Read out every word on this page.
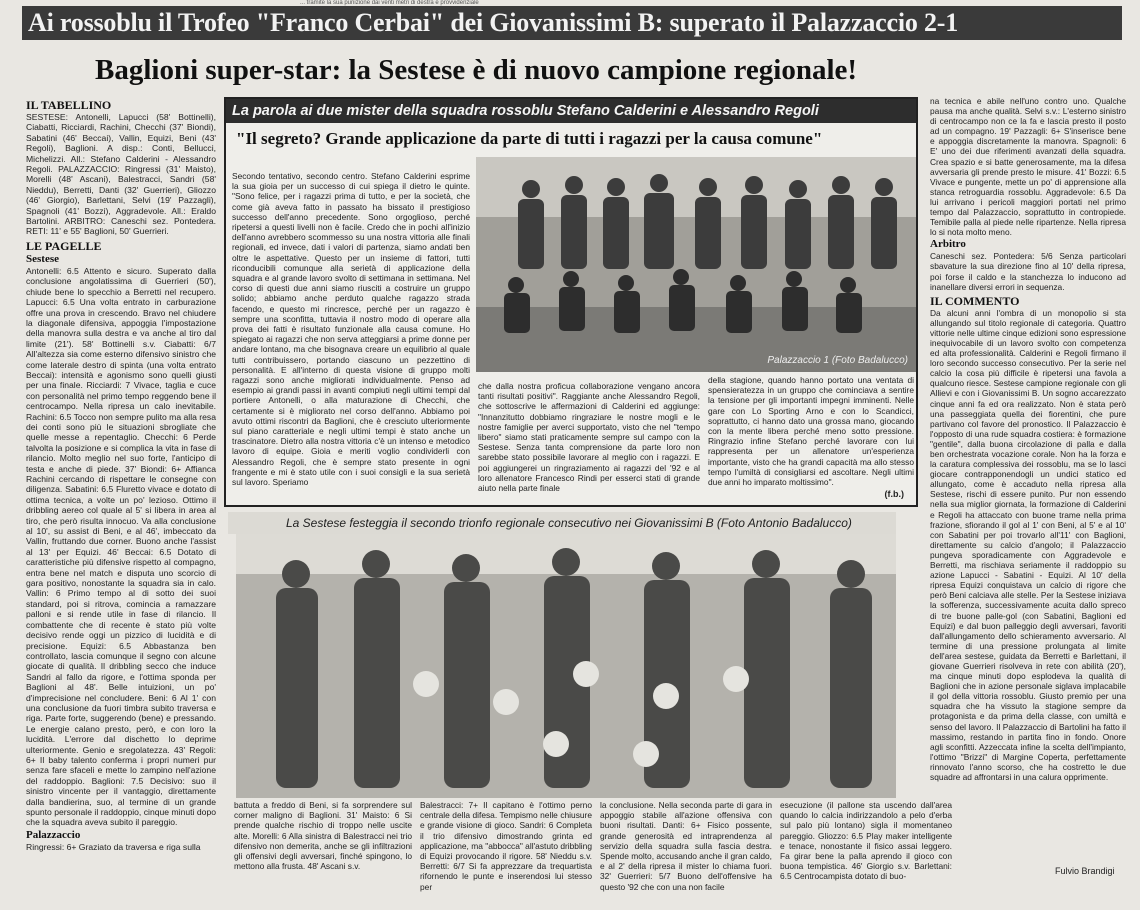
... tramite la sua punizione dai venti metri di destra e provvidenziale
Ai rossoblu il Trofeo "Franco Cerbai" dei Giovanissimi B: superato il Palazzaccio 2-1
Baglioni super-star: la Sestese è di nuovo campione regionale!
IL TABELLINO

SESTESE: Antonelli, Lapucci (58' Bottinelli), Ciabatti, Ricciardi, Rachini, Checchi (37' Biondi), Sabatini (46' Beccai), Vallin, Equizi, Beni (43' Regoli), Baglioni. A disp.: Conti, Bellucci, Michelizzi. All.: Stefano Calderini - Alessandro Regoli. PALAZZACCIO: Ringressi (31' Maisto), Morelli (48' Ascani), Balestracci, Sandri (58' Nieddu), Berretti, Danti (32' Guerrieri), Gliozzo (46' Giorgio), Barlettani, Selvi (19' Pazzagli), Spagnoli (41' Bozzi), Aggradevole. All.: Eraldo Bartolini. ARBITRO: Caneschi sez. Pontedera. RETI: 11' e 55' Baglioni, 50' Guerrieri.

LE PAGELLE
Sestese

Antonelli: 6.5 Attento e sicuro. Superato dalla conclusione angolatissima di Guerrieri (50'), chiude bene lo specchio a Berretti nel recupero. Lapucci: 6.5 Una volta entrato in carburazione offre una prova in crescendo. Bravo nel chiudere la diagonale difensiva, appoggia l'impostazione della manovra sulla destra e va anche al tiro dal limite (21'). 58' Bottinelli s.v. Ciabatti: 6/7 All'altezza sia come esterno difensivo sinistro che come laterale destro di spinta (una volta entrato Beccai): intensità e agonismo sono quelli giusti per una finale. Ricciardi: 7 Vivace, taglia e cuce con personalità nel primo tempo reggendo bene il centrocampo. Nella ripresa un calo inevitabile. Rachini: 6.5 Tocco non sempre pulito ma alla resa dei conti sono più le situazioni sbrogliate che quelle messe a repentaglio. Checchi: 6 Perde talvolta la posizione e si complica la vita in fase di rilancio. Molto meglio nel suo forte, l'anticipo di testa e anche di piede. 37' Biondi: 6+ Affianca Rachini cercando di rispettare le consegne con diligenza. Sabatini: 6.5 Fluretto vivace e dotato di ottima tecnica, a volte un po' lezioso. Ottimo il dribbling aereo col quale al 5' si libera in area al tiro, che però risulta innocuo. Va alla conclusione al 10', su assist di Beni, e al 46', imbeccato da Vallin, fruttando due corner. Buono anche l'assist al 13' per Equizi. 46' Beccai: 6.5 Dotato di caratteristiche più difensive rispetto al compagno, entra bene nel match e disputa uno scorcio di gara positivo, nonostante la squadra sia in calo. Vallin: 6 Primo tempo al di sotto dei suoi standard, poi si ritrova, comincia a ramazzare palloni e si rende utile in fase di rilancio. Il combattente che di recente è stato più volte decisivo rende oggi un pizzico di lucidità e di precisione. Equizi: 6.5 Abbastanza ben controllato, lascia comunque il segno con alcune giocate di qualità. Il dribbling secco che induce Sandri al fallo da rigore, e l'ottima sponda per Baglioni al 48'. Belle intuizioni, un po' d'imprecisione nel concludere. Beni: 6 Al 1' con una conclusione da fuori timbra subito traversa e riga. Parte forte, suggerendo (bene) e pressando. Le energie calano presto, però, e con loro la lucidità. L'errore dal dischetto lo deprime ulteriormente. Genio e sregolatezza. 43' Regoli: 6+ Il baby talento conferma i propri numeri pur senza fare sfaceli e mette lo zampino nell'azione del raddoppio. Baglioni: 7.5 Decisivo: suo il sinistro vincente per il vantaggio, direttamente dalla bandierina, suo, al termine di un grande spunto personale il raddoppio, cinque minuti dopo che la squadra aveva subito il pareggio.

Palazzaccio

Ringressi: 6+ Graziato da traversa e riga sulla

La parola ai due mister della squadra rossoblu Stefano Calderini e Alessandro Regoli
"Il segreto? Grande applicazione da parte di tutti i ragazzi per la causa comune"

Secondo tentativo, secondo centro. Stefano Calderini esprime la sua gioia per un successo di cui spiega il dietro le quinte. "Sono felice, per i ragazzi prima di tutto, e per la società, che come già aveva fatto in passato ha bissato il prestigioso successo dell'anno precedente. Sono orgoglioso, perché ripetersi a questi livelli non è facile. Credo che in pochi all'inizio dell'anno avrebbero scommesso su una nostra vittoria alle finali regionali, ed invece, dati i valori di partenza, siamo andati ben oltre le aspettative. Questo per un insieme di fattori, tutti riconducibili comunque alla serietà di applicazione della squadra e al grande lavoro svolto di settimana in settimana. Nel corso di questi due anni siamo riusciti a costruire un gruppo solido; abbiamo anche perduto qualche ragazzo strada facendo, e questo mi rincresce, perché per un ragazzo è sempre una sconfitta, tuttavia il nostro modo di operare alla prova dei fatti è risultato funzionale alla causa comune. Ho spiegato ai ragazzi che non serva atteggiarsi a prime donne per andare lontano, ma che bisognava creare un equilibrio al quale tutti contribuissero, portando ciascuno un pezzettino di personalità. E all'interno di questa visione di gruppo molti ragazzi sono anche migliorati individualmente. Penso ad esempio ai grandi passi in avanti compiuti negli ultimi tempi dal portiere Antonelli, o alla maturazione di Checchi, che certamente si è migliorato nel corso dell'anno. Abbiamo poi avuto ottimi riscontri da Baglioni, che è cresciuto ulteriormente sul piano caratteriale e negli ultimi tempi è stato anche un trascinatore. Dietro alla nostra vittoria c'è un intenso e metodico lavoro di equipe. Gioia e meriti voglio condividerli con Alessandro Regoli, che è sempre stato presente in ogni frangente e mi è stato utile con i suoi consigli e la sua serietà sul lavoro. Speriamo

Palazzaccio 1 (Foto Badalucco)

che dalla nostra proficua collaborazione vengano ancora tanti risultati positivi". Raggiante anche Alessandro Regoli, che sottoscrive le affermazioni di Calderini ed aggiunge: "Innanzitutto dobbiamo ringraziare le nostre mogli e le nostre famiglie per averci supportato, visto che nel "tempo libero" siamo stati praticamente sempre sul campo con la Sestese. Senza tanta comprensione da parte loro non sarebbe stato possibile lavorare al meglio con i ragazzi. E poi aggiungerei un ringraziamento ai ragazzi del '92 e al loro allenatore Francesco Rindi per esserci stati di grande aiuto nella parte finale

della stagione, quando hanno portato una ventata di spensieratezza in un gruppo che cominciava a sentire la tensione per gli importanti impegni imminenti. Nelle gare con Lo Sporting Arno e con lo Scandicci, soprattutto, ci hanno dato una grossa mano, giocando con la mente libera perché meno sotto pressione. Ringrazio infine Stefano perché lavorare con lui rappresenta per un allenatore un'esperienza importante, visto che ha grandi capacità ma allo stesso tempo l'umiltà di consigliarsi ed ascoltare. Negli ultimi due anni ho imparato moltissimo".

(f.b.)
La Sestese festeggia il secondo trionfo regionale consecutivo nei Giovanissimi B (Foto Antonio Badalucco)

battuta a freddo di Beni, si fa sorprendere sul corner maligno di Baglioni. 31' Maisto: 6 Si prende qualche rischio di troppo nelle uscite alte. Morelli: 6 Alla sinistra di Balestracci nei trio difensivo non demerita, anche se gli infiltrazioni gli offensivi degli avversari, finché spingono, lo mettono alla frusta. 48' Ascani s.v.

Balestracci: 7+ Il capitano è l'ottimo perno centrale della difesa. Tempismo nelle chiusure e grande visione di gioco. Sandri: 6 Completa il trio difensivo dimostrando grinta ed applicazione, ma "abbocca" all'astuto dribbling di Equizi provocando il rigore. 58' Nieddu s.v. Berretti: 6/7 Si fa apprezzare da trequartista rifornendo le punte e inserendosi lui stesso per

la conclusione. Nella seconda parte di gara in appoggio stabile all'azione offensiva con buoni risultati. Danti: 6+ Fisico possente, grande generosità ed intraprendenza al servizio della squadra sulla fascia destra. Spende molto, accusando anche il gran caldo, e al 2' della ripresa il mister lo chiama fuori. 32' Guerrieri: 5/7 Buono dell'offensive ha questo '92 che con una non facile

esecuzione (il pallone sta uscendo dall'area quando lo calcia indirizzandolo a pelo d'erba sul palo più lontano) sigla il momentaneo pareggio. Gliozzo: 6.5 Play maker intelligente e tenace, nonostante il fisico assai leggero. Fa girar bene la palla aprendo il gioco con buona tempistica. 46' Giorgio s.v. Barlettani: 6.5 Centrocampista dotato di buo-

na tecnica e abile nell'uno contro uno. Qualche pausa ma anche qualità. Selvi s.v.: L'esterno sinistro di centrocampo non ce la fa e lascia presto il posto ad un compagno. 19' Pazzagli: 6+ S'inserisce bene e appoggia discretamente la manovra. Spagnoli: 6 E' uno dei due riferimenti avanzati della squadra. Crea spazio e si batte generosamente, ma la difesa avversaria gli prende presto le misure. 41' Bozzi: 6.5 Vivace e pungente, mette un po' di apprensione alla stanca retroguardia rossoblu. Aggradevole: 6.5 Da lui arrivano i pericoli maggiori portati nel primo tempo dal Palazzaccio, soprattutto in contropiede. Temibile palla al piede nelle ripartenze. Nella ripresa lo si nota molto meno.

Arbitro

Caneschi sez. Pontedera: 5/6 Senza particolari sbavature la sua direzione fino al 10' della ripresa, poi forse il caldo e la stanchezza lo inducono ad inanellare diversi errori in sequenza.

IL COMMENTO

Da alcuni anni l'ombra di un monopolio si sta allungando sul titolo regionale di categoria. Quattro vittorie nelle ultime cinque edizioni sono espressione inequivocabile di un lavoro svolto con competenza ed alta professionalità. Calderini e Regoli firmano il loro secondo successo consecutivo. Per la serie nel calcio la cosa più difficile è ripetersi una favola a qualcuno riesce. Sestese campione regionale con gli Allievi e con i Giovanissimi B. Un sogno accarezzato cinque anni fa ed ora realizzato. Non è stata però una passeggiata quella dei fiorentini, che pure partivano col favore del pronostico. Il Palazzaccio è l'opposto di una rude squadra costiera: è formazione "gentile", dalla buona circolazione di palla e dalla ben orchestrata vocazione corale. Non ha la forza e la caratura complessiva dei rossoblu, ma se lo lasci giocare contrapponendogli un undici statico ed allungato, come è accaduto nella ripresa alla Sestese, rischi di essere punito. Pur non essendo nella sua miglior giornata, la formazione di Calderini e Regoli ha attaccato con buone trame nella prima frazione, sfiorando il gol al 1' con Beni, al 5' e al 10' con Sabatini per poi trovarlo all'11' con Baglioni, direttamente su calcio d'angolo; il Palazzaccio pungeva sporadicamente con Aggradevole e Berretti, ma rischiava seriamente il raddoppio su azione Lapucci - Sabatini - Equizi. Al 10' della ripresa Equizi conquistava un calcio di rigore che però Beni calciava alle stelle. Per la Sestese iniziava la sofferenza, successivamente acuita dallo spreco di tre buone palle-gol (con Sabatini, Baglioni ed Equizi) e dal buon palleggio degli avversari, favoriti dall'allungamento dello schieramento avversario. Al termine di una pressione prolungata al limite dell'area sestese, guidata da Berretti e Barlettani, il giovane Guerrieri risolveva in rete con abilità (20'), ma cinque minuti dopo esplodeva la qualità di Baglioni che in azione personale siglava implacabile il gol della vittoria rossoblu. Giusto premio per una squadra che ha vissuto la stagione sempre da protagonista e da prima della classe, con umiltà e senso del lavoro. Il Palazzaccio di Bartolini ha fatto il massimo, restando in partita fino in fondo. Onore agli sconfitti. Azzeccata infine la scelta dell'impianto, l'ottimo "Brizzi" di Margine Coperta, perfettamente rinnovato l'anno scorso, che ha costretto le due squadre ad affrontarsi in una calura opprimente.

Fulvio Brandigi
